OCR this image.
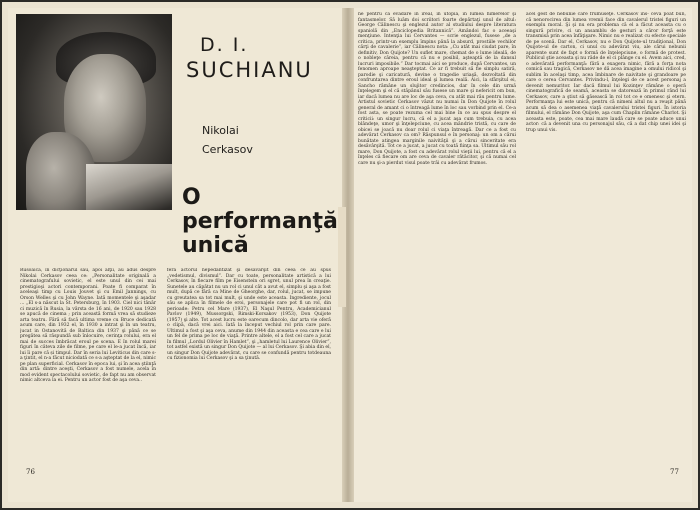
D. I.

SUCHIANU

Nikolai

Cerkasov

O
performanţă
unică

Rusoaică, în dicţionarul său, apoi alţii, au adus despre Nikolai Cerkasov ceea ce: „Personalitate originală a cinematografului sovietic, el este unul din cei mai prestigioşi actori contemporani. Poate fi comparat în aceleaşi timp cu Louis Jouvet şi cu Emil Jannings, cu Orson Welles şi cu John Wayne. Iată momentele şi aşadar ... „El s-a născut la St. Petersburg, în 1903. Ciel nici tânăr ci muzică în Rusia, la vârsta de 16 ani, de 1920 sau 1928 se apucă de cinema ; prin această formă vrea să studieze arta teatru. Fără să facă ultima vreme cu Bruce dedicată acum care, din 1932 el, în 1930 a intrat şi în un teatru, jucat in Ostanovită de Baltica din 1937 şi până ce se pregătea să răspundă sub înlocuire, cerinţa rolului, era el mai de succes îmbrăcat eroul pe scena. E în rolul marei figuri în câteva zile de filme, pe care el le-a jucat încă, iar lui îi pare că și timpul. Dar în seria lui Leviticus din care s-a ţintit, el n-a făcut niciodată ce s-a aşteptat de la el, nimic pe plan superficial. Cerkasov în epoca lui, şi în acea ştiinţă din artă: dintre aceşti, Cerkasov a fost numele, acela în mod evident spectacolului sovietic, de fapt nu am observat nimic altceva la ei. Pentru un actor fost de aşa ceva..

fera actorul nepedantizat şi desăvârşit din ceea ce au spus „vedetismul, divismul”. Dar cu toate, personalitate artistică a lui Cerkasov, în fiecare film pe Eisenstein ori sgret, unul prea în creaţie. Sunetele au căpătat nu un rol ci unul cât a avut el, simplu şi aşa a fost mult, după ce fără ca Mine de Gheorghe, dar, rolul, jucat, se impune cu greutatea sa tot mai mult, şi unde este aceasta. Ingrediente, jocul său se aplica în filmele de eroi, personajele care pot fi un rol, din perioade: Petru cel Mare (1937), El Naşul Pentru, Academicianul Pavlov (1949), Mussorgski, Rimski-Korsakov (1953), Don Quijote (1957) şi alte. Tot acest lucru este oarecum dincolo, dar arta vie oferă o clipă, dacă vrei aici. Iată la început vechiul rol prin care pare. Ultimul a fost şi aşa ceva, anume din 1944 din aceasta e cea care e lui un fel de prima pe loc de viaţă. Printre altele, el a fost cel care a jucat în filmul „Lordul Olivier în Hamlet”, şi „hamletul lui Laurence Olivier”, tot astfel există un singur Don Quijote — al lui Cerkasov. Şi abia din el, un singur Don Quijote adevărat, cu care se confundă pentru totdeauna cu fizionomia lui Cerkasov şi a sa ţinută.

ne pentru că evadare în ireal, în utopia, în lumea himerelor şi fantasmelor. Să luăm doi scriitori foarte depărtaţi unul de altul: George Călinescu şi englezul autor al studiului despre literatura spaniolă din „Enciclopedia Britannică”. Amândoi fac o aceeaşi menţiune. Intenţia lui Cervantes — scrie englezul, fusese „de a critica, printr-un exemplu împins până la absurd, prostiile vechilor cărţi de cavalerie”, iar Călinescu nota: „Cu atât mai ciudat pare, în definitiv, Don Quijote? Un suflet mare, chemat de o lume ideală, de o nobleţe căreia, pentru că nu e posibil, aşteaptă de la dansul lucruri imposibile.” Dar tocmai aici se produce, după Cervantes, un fenomen aproape neaşteptat. Ce ar fi trebuit să fie simplu satiră, parodie şi caricatură, devine o tragedie uriaşă, dezvoltată din confruntarea dintre eroul ideal şi lumea reală. Aici, la sfârşitul ei, Sancho rămâne un slujitor credincios, dar în cele din urmă înţelegem şi el că stăpânul său fusese un mare şi nefericit om bun, iar dacă lumea nu are loc de aşa ceva, cu atât mai rău pentru lume. Artistul sovietic Cerkasov văzut nu numai în Don Quijote în rolul general de amant ci o întreagă lume în loc sau vorbind prin el. Ce-a fost asta, se poate rezuma cel mai bine în ce au spus despre el criticii: un singur lucru, că el a jucat aşa cum trebuia, cu acea blândeţe, umor şi înţelepciune, cu acea mândrie tristă, cu care de obicei se joacă nu doar rolul ci viaţa întreagă. Dar ce a fost cu adevărat Cerkasov ca om? Răspunsul e în personaj: un om a cărui bunătate atingea marginile naivităţii şi a cărui sinceritate era desăvârşită. Tot ce a jucat, a jucat cu toată fiinţa sa. Ultimul său rol mare, Don Quijote, a fost cu adevărat rolul vieţii lui, pentru că el a înţeles că fiecare om are ceva de cavaler rătăcitor, şi că numai cel care nu şi-a pierdut visul poate trăi cu adevărat frumos.

acel gest de nebunie care frumuseţe. Cerkasov îns- ceva poat bun, că nenorocirea din lumea vremii face din cavalerul tristei figuri un exemplu moral. Şi şi nu era problema că el a făcut aceasta cu o singură privire, ci un ansamblu de gesturi a căror forţă este transmisă prin acea înfăţişare. Nimic nu e realizat cu efecte speciale de pe scenă. Dar el, Cerkasov, nu e Don Quijote-ul tradiţional, Don Quijote-ul de carton, ci unul cu adevărat viu, ale cărui nebunii aparente sunt de fapt o formă de înţelepciune, o formă de protest. Publicul ştie aceasta şi nu râde de el ci plânge cu el. Avem aici, cred, o adevărată performanţă: fără a exagera nimic, fără a forţa nota comică sau tragică, Cerkasov ne dă acea imagine a omului ridicol şi sublim în acelaşi timp, acea îmbinare de naivitate şi grandoare pe care o cerea Cervantes. Privindu-l, înţelegi de ce acest personaj a devenit nemuritor. Iar dacă filmul lui Kozinţev rămâne o operă cinematografică de seamă, aceasta se datorează în primul rând lui Cerkasov, care a ştiut să găsească în rol tot ce e omenesc şi etern. Performanţa lui este unică, pentru că nimeni altul nu a reuşit până acum să dea o asemenea viaţă cavalerului tristei figuri. În istoria filmului, el rămâne Don Quijote, aşa cum Chaplin rămâne Charlot. Şi aceasta este, poate, cea mai mare laudă care se poate aduce unui actor: că a devenit una cu personajul său, că a dat chip unei idei şi trup unui vis.

76	77
